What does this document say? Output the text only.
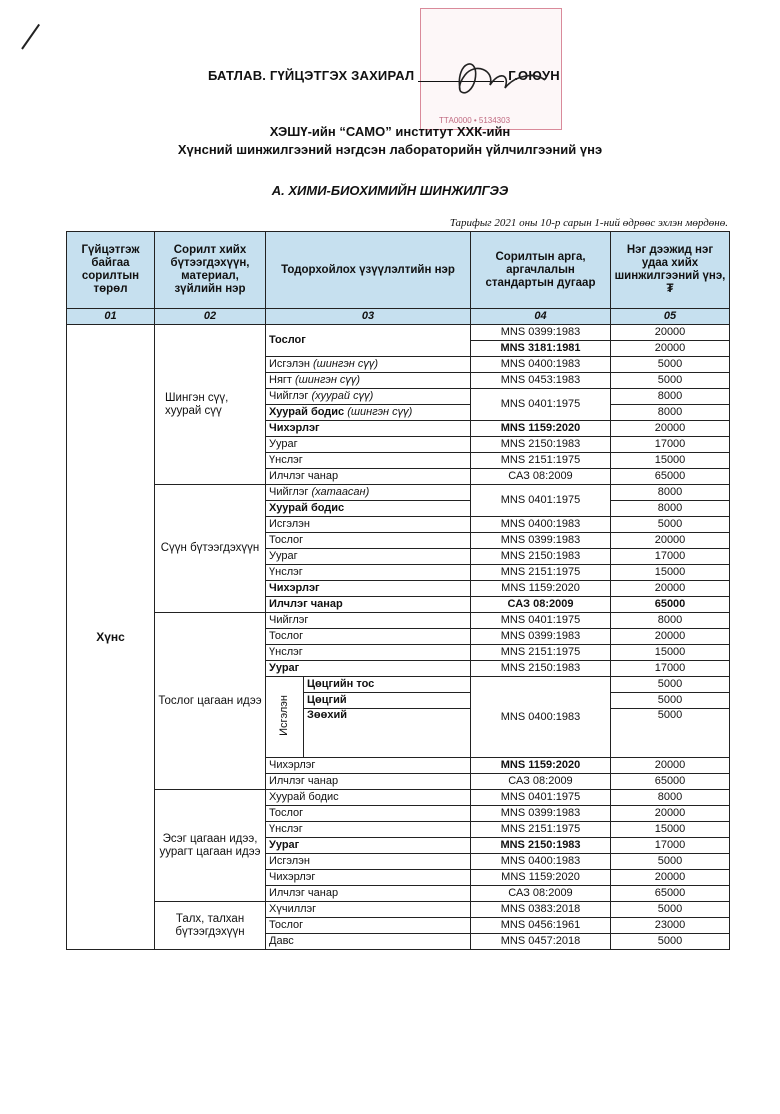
ТТА0000 • 5134303
БАТЛАВ. ГҮЙЦЭТГЭХ ЗАХИРАЛ	Г.ОЮУН
ХЭШҮ-ийн “САМО” институт ХХК-ийн
Хүнсний шинжилгээний нэгдсэн лабораторийн үйлчилгээний үнэ
А. ХИМИ-БИОХИМИЙН ШИНЖИЛГЭЭ
Тарифыг 2021 оны 10-р сарын 1-ний өдрөөс эхлэн мөрдөнө.
Гүйцэтгэж байгаа сорилтын төрөл	Сорилт хийх бүтээгдэхүүн, материал, зүйлийн нэр	Тодорхойлох үзүүлэлтийн нэр		Сорилтын арга, аргачлалын стандартын дугаар	Нэг дээжид нэг удаа хийх шинжилгээний үнэ, ₮
01	02	03		04	05
Хүнс	Шингэн сүү, хуурай сүү	Тослог		MNS 0399:1983	20000
				MNS 3181:1981	20000
		Исгэлэн (шингэн сүү)		MNS 0400:1983	5000
		Нягт (шингэн сүү)		MNS 0453:1983	5000
		Чийглэг (хуурай сүү)		MNS 0401:1975	8000
		Хуурай бодис (шингэн сүү)			8000
		Чихэрлэг		MNS 1159:2020	20000
		Уураг		MNS 2150:1983	17000
		Үнслэг		MNS 2151:1975	15000
		Илчлэг чанар		САЗ 08:2009	65000
	Сүүн бүтээгдэхүүн	Чийглэг (хатаасан)		MNS 0401:1975	8000
		Хуурай бодис			8000
		Исгэлэн		MNS 0400:1983	5000
		Тослог		MNS 0399:1983	20000
		Уураг		MNS 2150:1983	17000
		Үнслэг		MNS 2151:1975	15000
		Чихэрлэг		MNS 1159:2020	20000
		Илчлэг чанар		САЗ 08:2009	65000
	Тослог цагаан идээ	Чийглэг		MNS 0401:1975	8000
		Тослог		MNS 0399:1983	20000
		Үнслэг		MNS 2151:1975	15000
		Уураг		MNS 2150:1983	17000
		Исгэлэн	Цөцгийн тос	MNS 0400:1983	5000
			Цөцгий		5000
			Зөөхий		5000
		Чихэрлэг		MNS 1159:2020	20000
		Илчлэг чанар		САЗ 08:2009	65000
	Эсэг цагаан идээ, уурагт цагаан идээ	Хуурай бодис		MNS 0401:1975	8000
		Тослог		MNS 0399:1983	20000
		Үнслэг		MNS 2151:1975	15000
		Уураг		MNS 2150:1983	17000
		Исгэлэн		MNS 0400:1983	5000
		Чихэрлэг		MNS 1159:2020	20000
		Илчлэг чанар		САЗ 08:2009	65000
	Талх, талхан бүтээгдэхүүн	Хүчиллэг		MNS 0383:2018	5000
		Тослог		MNS 0456:1961	23000
		Давс		MNS 0457:2018	5000
